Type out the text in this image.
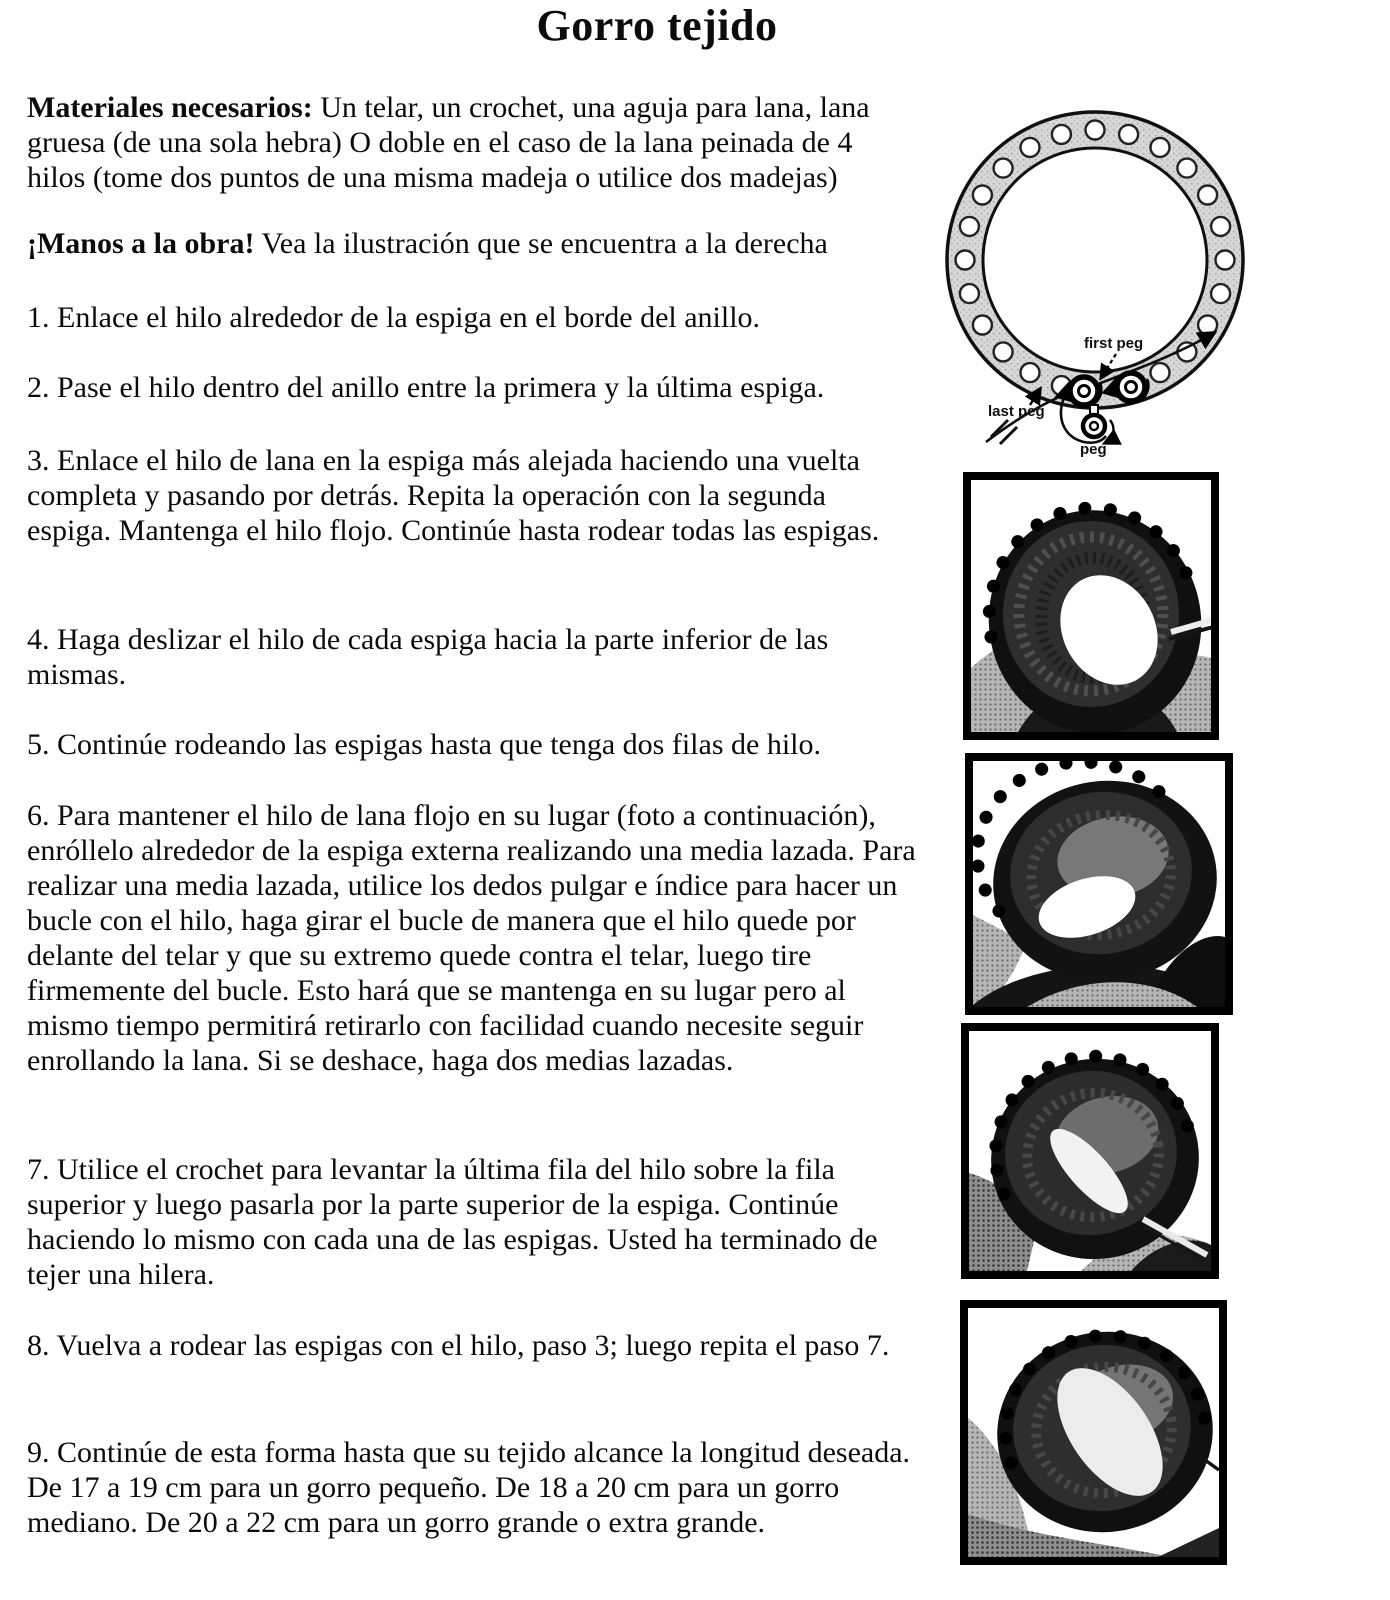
Gorro tejido

Materiales necesarios: Un telar, un crochet, una aguja para lana, lana gruesa (de una sola hebra) O doble en el caso de la lana peinada de 4 hilos (tome dos puntos de una misma madeja o utilice dos madejas)

¡Manos a la obra! Vea la ilustración que se encuentra a la derecha

1. Enlace el hilo alrededor de la espiga en el borde del anillo.

2. Pase el hilo dentro del anillo entre la primera y la última espiga.

3. Enlace el hilo de lana en la espiga más alejada haciendo una vuelta completa y pasando por detrás. Repita la operación con la segunda espiga. Mantenga el hilo flojo. Continúe hasta rodear todas las espigas.

4. Haga deslizar el hilo de cada espiga hacia la parte inferior de las mismas.

5. Continúe rodeando las espigas hasta que tenga dos filas de hilo.

6. Para mantener el hilo de lana flojo en su lugar (foto a continuación), enróllelo alrededor de la espiga externa realizando una media lazada. Para realizar una media lazada, utilice los dedos pulgar e índice para hacer un bucle con el hilo, haga girar el bucle de manera que el hilo quede por delante del telar y que su extremo quede contra el telar, luego tire firmemente del bucle. Esto hará que se mantenga en su lugar pero al mismo tiempo permitirá retirarlo con facilidad cuando necesite seguir enrollando la lana. Si se deshace, haga dos medias lazadas.

7. Utilice el crochet para levantar la última fila del hilo sobre la fila superior y luego pasarla por la parte superior de la espiga. Continúe haciendo lo mismo con cada una de las espigas. Usted ha terminado de tejer una hilera.

8. Vuelva a rodear las espigas con el hilo, paso 3; luego repita el paso 7.

9. Continúe de esta forma hasta que su tejido alcance la longitud deseada. De 17 a 19 cm para un gorro pequeño. De 18 a 20 cm para un gorro mediano. De 20 a 22 cm para un gorro grande o extra grande.

first peg
last peg
peg
